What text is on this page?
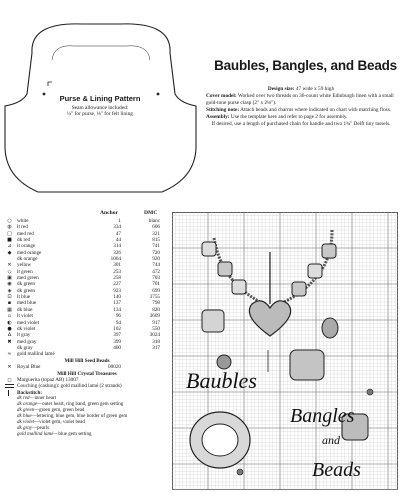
Purse & Lining Pattern
Seam allowance included:
¼" for purse, ⅛" for felt lining
Baubles, Bangles, and Beads
Design size: 47 wide x 59 high
Cover model: Worked over two threads on 36-count white Edinburgh linen with a small gold-tone purse clasp (2" x 2⅛").
Stitching note: Attach beads and charms where indicated on chart with matching floss.
Assembly: Use the template here and refer to page 2 for assembly.
If desired, use a length of purchased chain for handle and two 1¾" Delft tiny tassels.
Anchor	DMC
○	white	1	blanc
◍	lt red	334	606
□ med red	47	321
■ dk red	44	815
⊿	lt orange	314	741
◆	med orange	326	720
dk orange	1004	920
✕	yellow	301	744
◇	lt green	253	472
▣ med green	258	703
◉	dk green	227	701
◈	dk green	923	699
⊡	lt blue	140	3755
▪	med blue	137	798
▦ dk blue	134	820
▫	lt violet	96	3609
◐	med violet	94	917
●	dk violet	102	550
∆	lt gray	397	3024
✖	med gray	399	318
dk gray	400	317
≈	gold mallind lamé
Mill Hill Seed Beads
✕	Royal Blue	00020
Mill Hill Crystal Treasures
◻	Marguerita (topaz AB) 13007
Couching (cashing): gold mallind lamé (2 strands)
Backstitch:
dk red—inner heart
dk orange—outer heart, ring band, green gem setting
dk green—green gem, green bead
dk blue—lettering, blue gem, blue border of green gem
dk violet—violet gem, violet bead
dk gray—pearls
gold mallind lamé—blue gem setting
Baubles
Bangles
and
Beads
